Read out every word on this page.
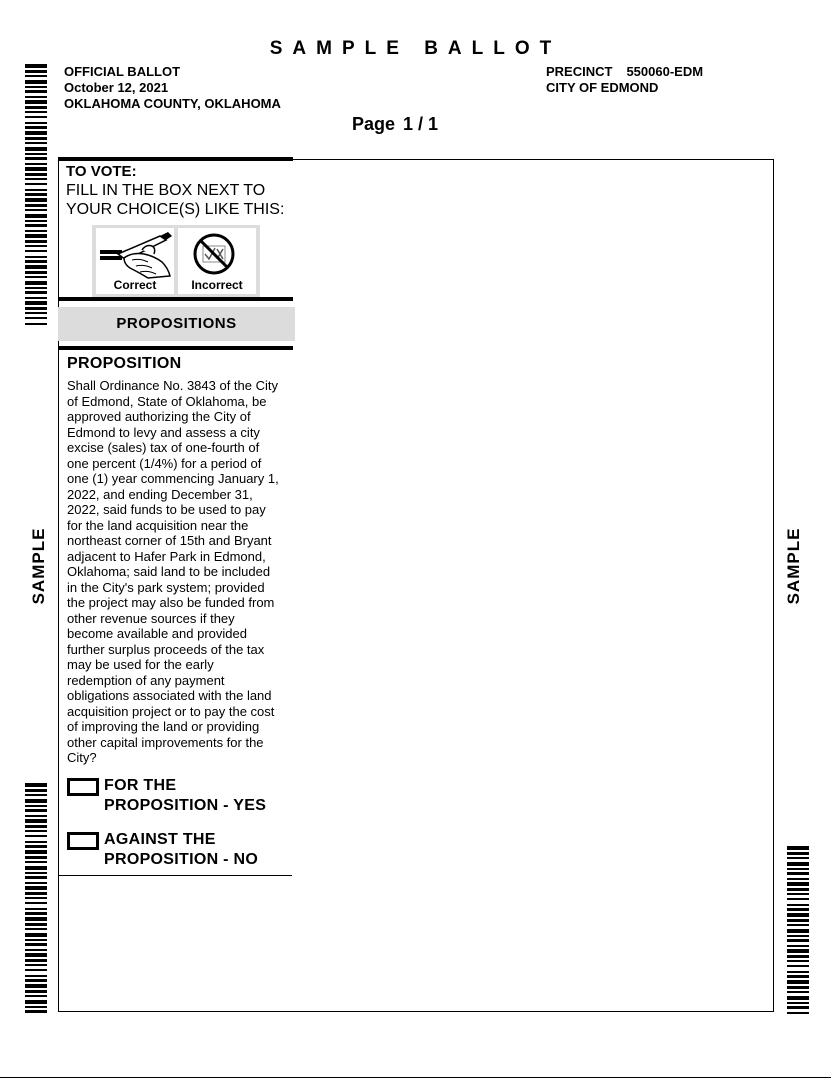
SAMPLE BALLOT
OFFICIAL BALLOT
October 12, 2021
OKLAHOMA COUNTY, OKLAHOMA
PRECINCT 550060-EDM
CITY OF EDMOND
Page 1 / 1
TO VOTE:
FILL IN THE BOX NEXT TO
YOUR CHOICE(S) LIKE THIS:
Correct	Incorrect
PROPOSITIONS
PROPOSITION
Shall Ordinance No. 3843 of the City
of Edmond, State of Oklahoma, be
approved authorizing the City of
Edmond to levy and assess a city
excise (sales) tax of one-fourth of
one percent (1/4%) for a period of
one (1) year commencing January 1,
2022, and ending December 31,
2022, said funds to be used to pay
for the land acquisition near the
northeast corner of 15th and Bryant
adjacent to Hafer Park in Edmond,
Oklahoma; said land to be included
in the City's park system; provided
the project may also be funded from
other revenue sources if they
become available and provided
further surplus proceeds of the tax
may be used for the early
redemption of any payment
obligations associated with the land
acquisition project or to pay the cost
of improving the land or providing
other capital improvements for the
City?
FOR THE
PROPOSITION - YES
AGAINST THE
PROPOSITION - NO
SAMPLE	SAMPLE
